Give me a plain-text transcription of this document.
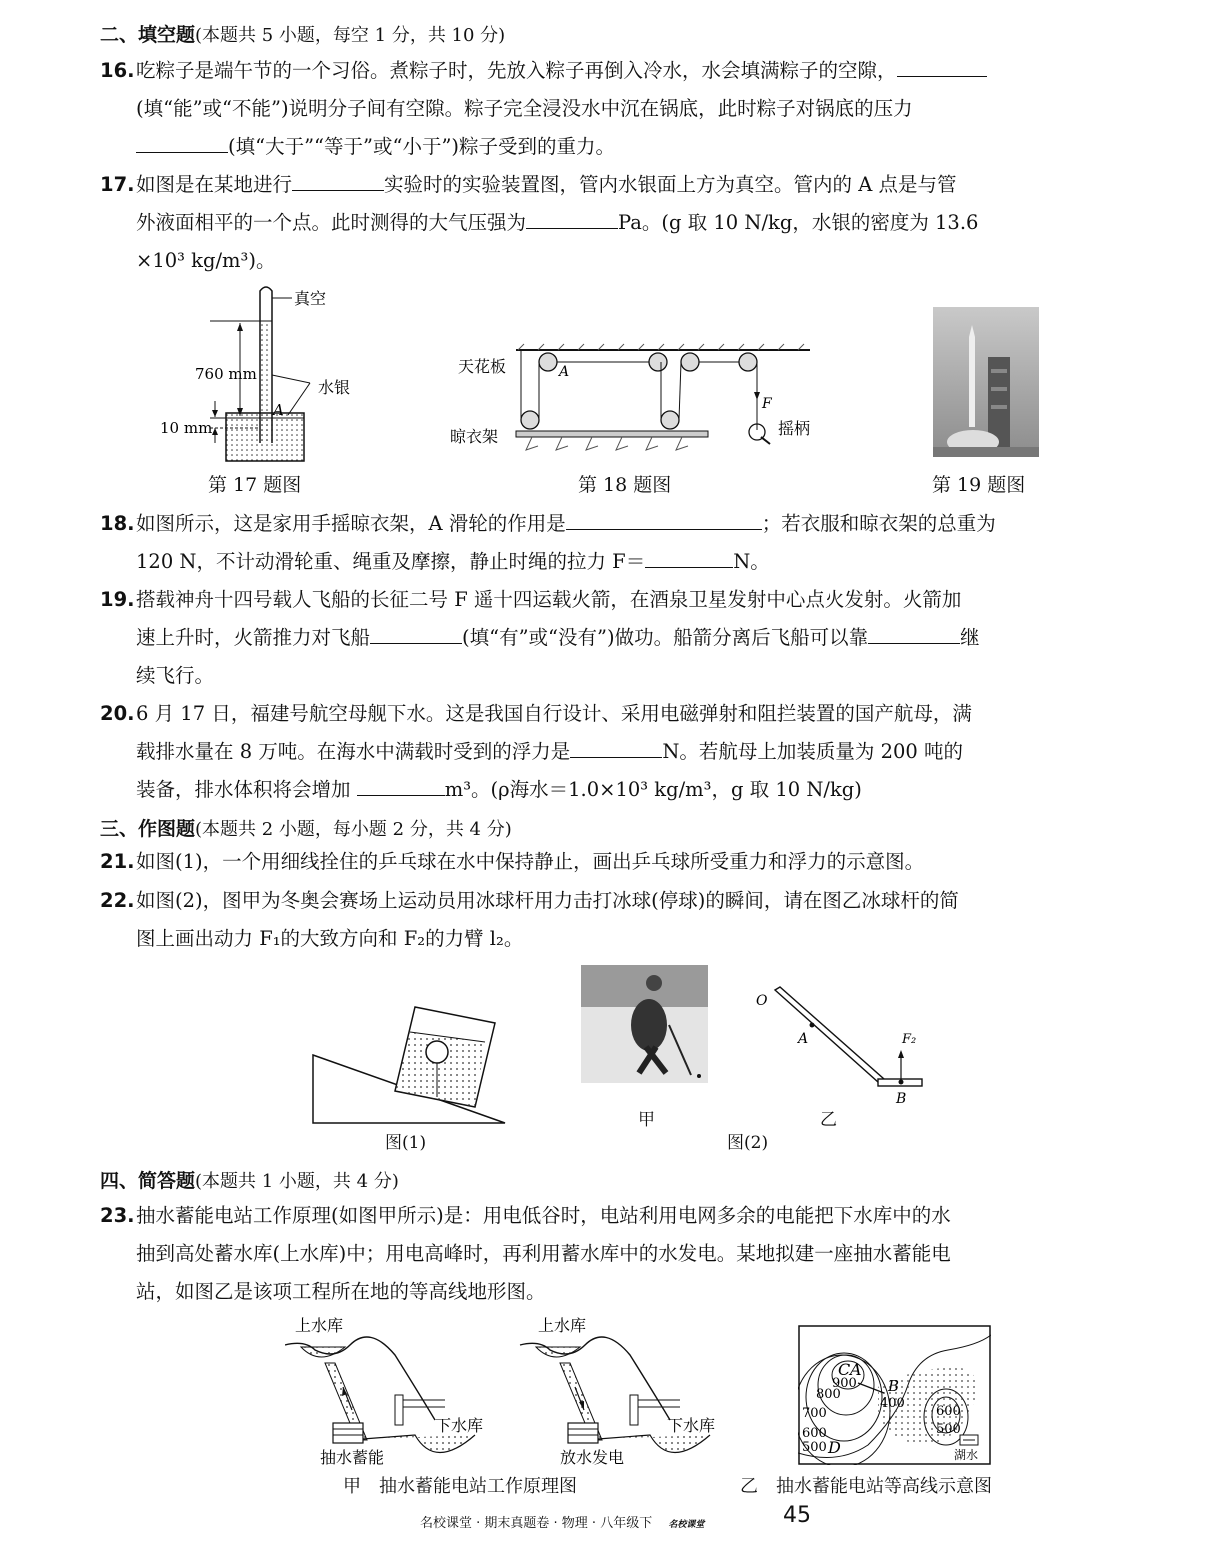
二、填空题(本题共 5 小题，每空 1 分，共 10 分)
16. 吃粽子是端午节的一个习俗。煮粽子时，先放入粽子再倒入冷水，水会填满粽子的空隙，
(填“能”或“不能”)说明分子间有空隙。粽子完全浸没水中沉在锅底，此时粽子对锅底的压力
(填“大于”“等于”或“小于”)粽子受到的重力。
17. 如图是在某地进行	实验时的实验装置图，管内水银面上方为真空。管内的 A 点是与管
外液面相平的一个点。此时测得的大气压强为	Pa。(g 取 10 N/kg，水银的密度为 13.6
×10³ kg/m³)。
真空
760 mm
10 mm
A
水银
第 17 题图
天花板	A
F
摇柄
晾衣架
第 18 题图	第 19 题图
18. 如图所示，这是家用手摇晾衣架，A 滑轮的作用是	；若衣服和晾衣架的总重为
120 N，不计动滑轮重、绳重及摩擦，静止时绳的拉力 F＝	N。
19. 搭载神舟十四号载人飞船的长征二号 F 遥十四运载火箭，在酒泉卫星发射中心点火发射。火箭加
速上升时，火箭推力对飞船	(填“有”或“没有”)做功。船箭分离后飞船可以靠	继
续飞行。
20. 6 月 17 日，福建号航空母舰下水。这是我国自行设计、采用电磁弹射和阻拦装置的国产航母，满
载排水量在 8 万吨。在海水中满载时受到的浮力是	N。若航母上加装质量为 200 吨的
装备，排水体积将会增加	m³。(ρ海水＝1.0×10³ kg/m³，g 取 10 N/kg)
三、作图题(本题共 2 小题，每小题 2 分，共 4 分)
21. 如图(1)，一个用细线拴住的乒乓球在水中保持静止，画出乒乓球所受重力和浮力的示意图。
22. 如图(2)，图甲为冬奥会赛场上运动员用冰球杆用力击打冰球(停球)的瞬间，请在图乙冰球杆的简
图上画出动力 F₁的大致方向和 F₂的力臂 l₂。
图(1)
甲
O
A
B
F₂
乙
图(2)
四、简答题(本题共 1 小题，共 4 分)
23. 抽水蓄能电站工作原理(如图甲所示)是：用电低谷时，电站利用电网多余的电能把下水库中的水
抽到高处蓄水库(上水库)中；用电高峰时，再利用蓄水库中的水发电。某地拟建一座抽水蓄能电
站，如图乙是该项工程所在地的等高线地形图。
上水库
下水库
抽水蓄能
上水库
下水库
放水发电
甲　抽水蓄能电站工作原理图
C A
B
D
900
800
700
600
500
400
600
500
湖水
乙　抽水蓄能电站等高线示意图
名校课堂 · 期末真题卷 · 物理 · 八年级下 名校课堂	45
